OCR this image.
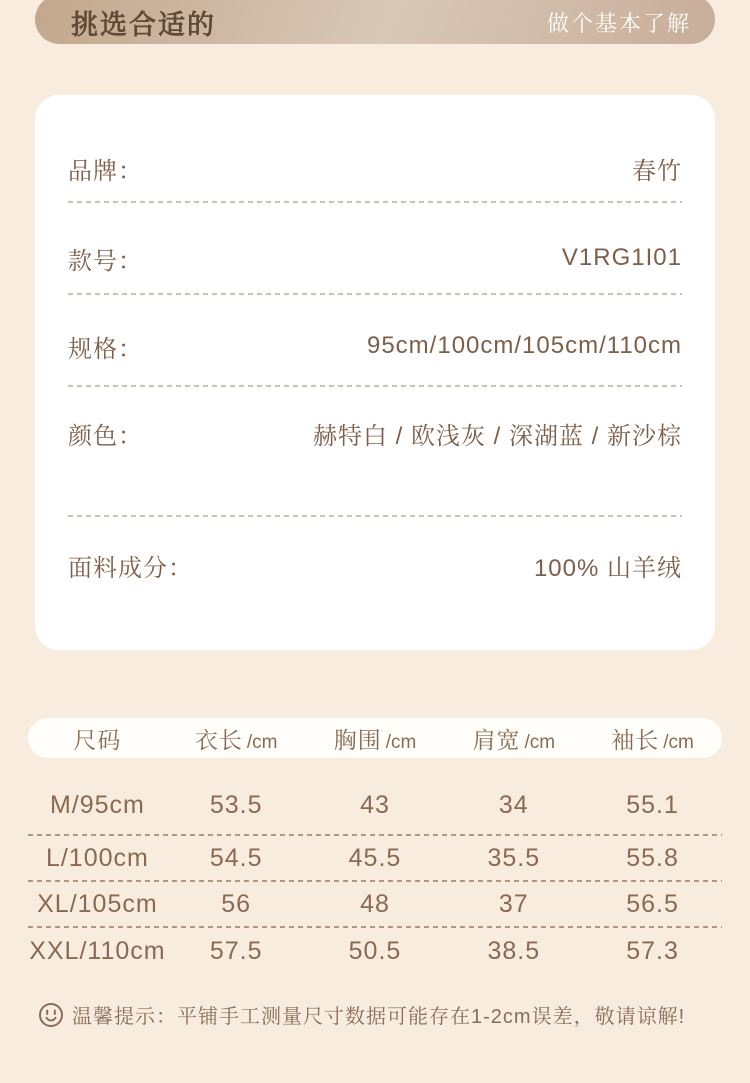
挑选合适的	做个基本了解
品牌：	春竹
款号：	V1RG1I01
规格：	95cm/100cm/105cm/110cm
颜色：	赫特白 / 欧浅灰 / 深湖蓝 / 新沙棕
面料成分：	100% 山羊绒
尺码	衣长 /cm	胸围 /cm	肩宽 /cm	袖长 /cm
M/95cm	53.5	43	34	55.1
L/100cm	54.5	45.5	35.5	55.8
XL/105cm	56	48	37	56.5
XXL/110cm	57.5	50.5	38.5	57.3
温馨提示：平铺手工测量尺寸数据可能存在1-2cm误差，敬请谅解!
